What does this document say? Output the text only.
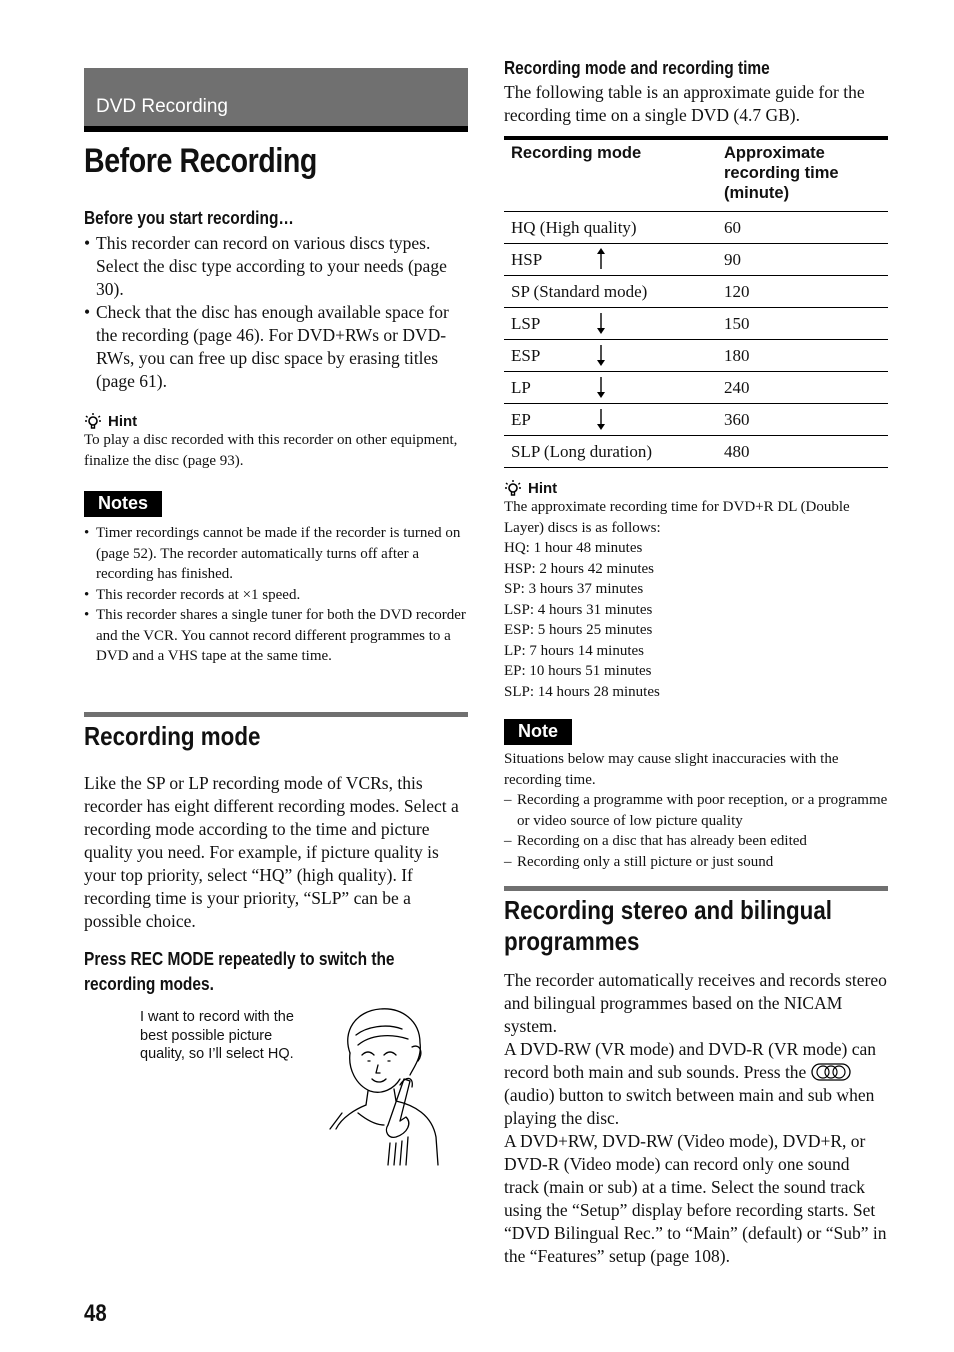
DVD Recording
Before Recording
Before you start recording…
• This recorder can record on various discs types. Select the disc type according to your needs (page 30).
• Check that the disc has enough available space for the recording (page 46). For DVD+RWs or DVD-RWs, you can free up disc space by erasing titles (page 61).
Hint
To play a disc recorded with this recorder on other equipment, finalize the disc (page 93).
Notes
• Timer recordings cannot be made if the recorder is turned on (page 52). The recorder automatically turns off after a recording has finished.
• This recorder records at ×1 speed.
• This recorder shares a single tuner for both the DVD recorder and the VCR. You cannot record different programmes to a DVD and a VHS tape at the same time.
Recording mode
Like the SP or LP recording mode of VCRs, this recorder has eight different recording modes. Select a recording mode according to the time and picture quality you need. For example, if picture quality is your top priority, select “HQ” (high quality). If recording time is your priority, “SLP” can be a possible choice.
Press REC MODE repeatedly to switch the recording modes.
I want to record with the best possible picture quality, so I’ll select HQ.
Recording mode and recording time
The following table is an approximate guide for the recording time on a single DVD (4.7 GB).
Recording mode	Approximate recording time (minute)
HQ (High quality)	60
HSP	90
SP (Standard mode)	120
LSP	150
ESP	180
LP	240
EP	360
SLP (Long duration)	480
Hint
The approximate recording time for DVD+R DL (Double Layer) discs is as follows:
HQ: 1 hour 48 minutes
HSP: 2 hours 42 minutes
SP: 3 hours 37 minutes
LSP: 4 hours 31 minutes
ESP: 5 hours 25 minutes
LP: 7 hours 14 minutes
EP: 10 hours 51 minutes
SLP: 14 hours 28 minutes
Note
Situations below may cause slight inaccuracies with the recording time.
– Recording a programme with poor reception, or a programme or video source of low picture quality
– Recording on a disc that has already been edited
– Recording only a still picture or just sound
Recording stereo and bilingual programmes
The recorder automatically receives and records stereo and bilingual programmes based on the NICAM system.
A DVD-RW (VR mode) and DVD-R (VR mode) can record both main and sub sounds. Press the  (audio) button to switch between main and sub when playing the disc.
A DVD+RW, DVD-RW (Video mode), DVD+R, or DVD-R (Video mode) can record only one sound track (main or sub) at a time. Select the sound track using the “Setup” display before recording starts. Set “DVD Bilingual Rec.” to “Main” (default) or “Sub” in the “Features” setup (page 108).
48
